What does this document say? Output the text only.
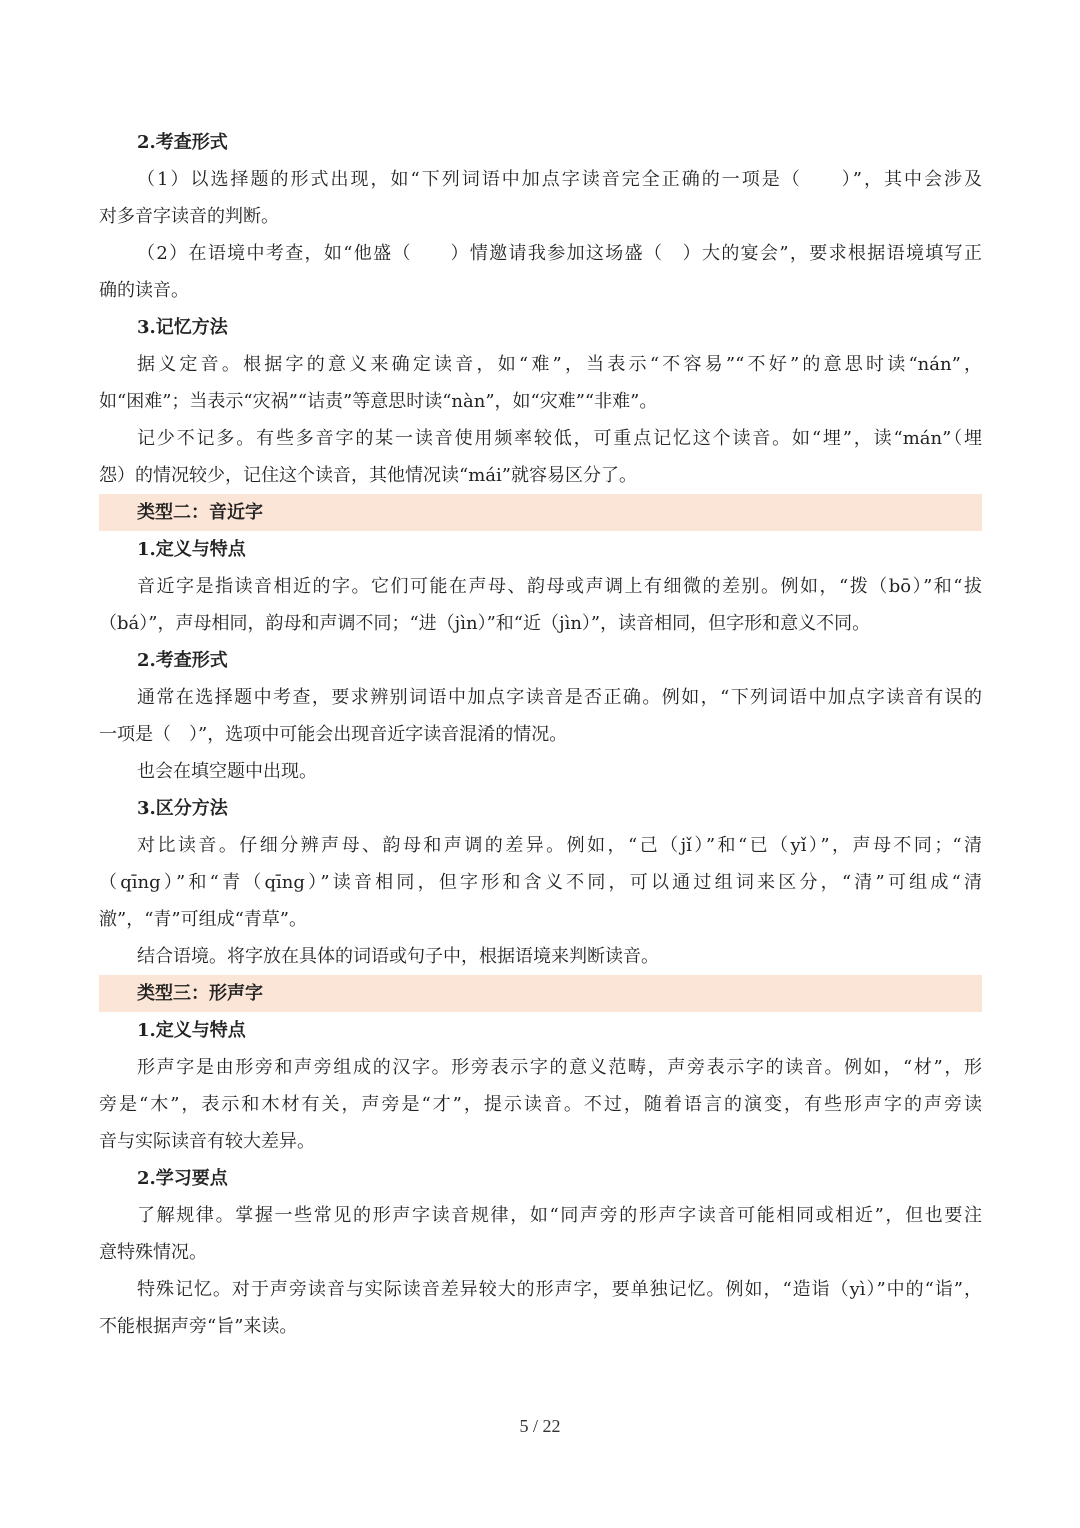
2.考查形式
（1）以选择题的形式出现，如“下列词语中加点字读音完全正确的一项是（　　）”，其中会涉及
对多音字读音的判断。
（2）在语境中考查，如“他盛（　　）情邀请我参加这场盛（　）大的宴会”，要求根据语境填写正
确的读音。
3.记忆方法
据义定音。根据字的意义来确定读音，如“难”，当表示“不容易”“不好”的意思时读“nán”，
如“困难”；当表示“灾祸”“诘责”等意思时读“nàn”，如“灾难”“非难”。
记少不记多。有些多音字的某一读音使用频率较低，可重点记忆这个读音。如“埋”，读“mán”（埋
怨）的情况较少，记住这个读音，其他情况读“mái”就容易区分了。
类型二：音近字
1.定义与特点
音近字是指读音相近的字。它们可能在声母、韵母或声调上有细微的差别。例如，“拨（bō）”和“拔
（bá）”，声母相同，韵母和声调不同；“进（jìn）”和“近（jìn）”，读音相同，但字形和意义不同。
2.考查形式
通常在选择题中考查，要求辨别词语中加点字读音是否正确。例如，“下列词语中加点字读音有误的
一项是（　）”，选项中可能会出现音近字读音混淆的情况。
也会在填空题中出现。
3.区分方法
对比读音。仔细分辨声母、韵母和声调的差异。例如，“己（jǐ）”和“已（yǐ）”，声母不同；“清
（qīng）”和“青（qīng）”读音相同，但字形和含义不同，可以通过组词来区分，“清”可组成“清
澈”，“青”可组成“青草”。
结合语境。将字放在具体的词语或句子中，根据语境来判断读音。
类型三：形声字
1.定义与特点
形声字是由形旁和声旁组成的汉字。形旁表示字的意义范畴，声旁表示字的读音。例如，“材”，形
旁是“木”，表示和木材有关，声旁是“才”，提示读音。不过，随着语言的演变，有些形声字的声旁读
音与实际读音有较大差异。
2.学习要点
了解规律。掌握一些常见的形声字读音规律，如“同声旁的形声字读音可能相同或相近”，但也要注
意特殊情况。
特殊记忆。对于声旁读音与实际读音差异较大的形声字，要单独记忆。例如，“造诣（yì）”中的“诣”，
不能根据声旁“旨”来读。
5 / 22
